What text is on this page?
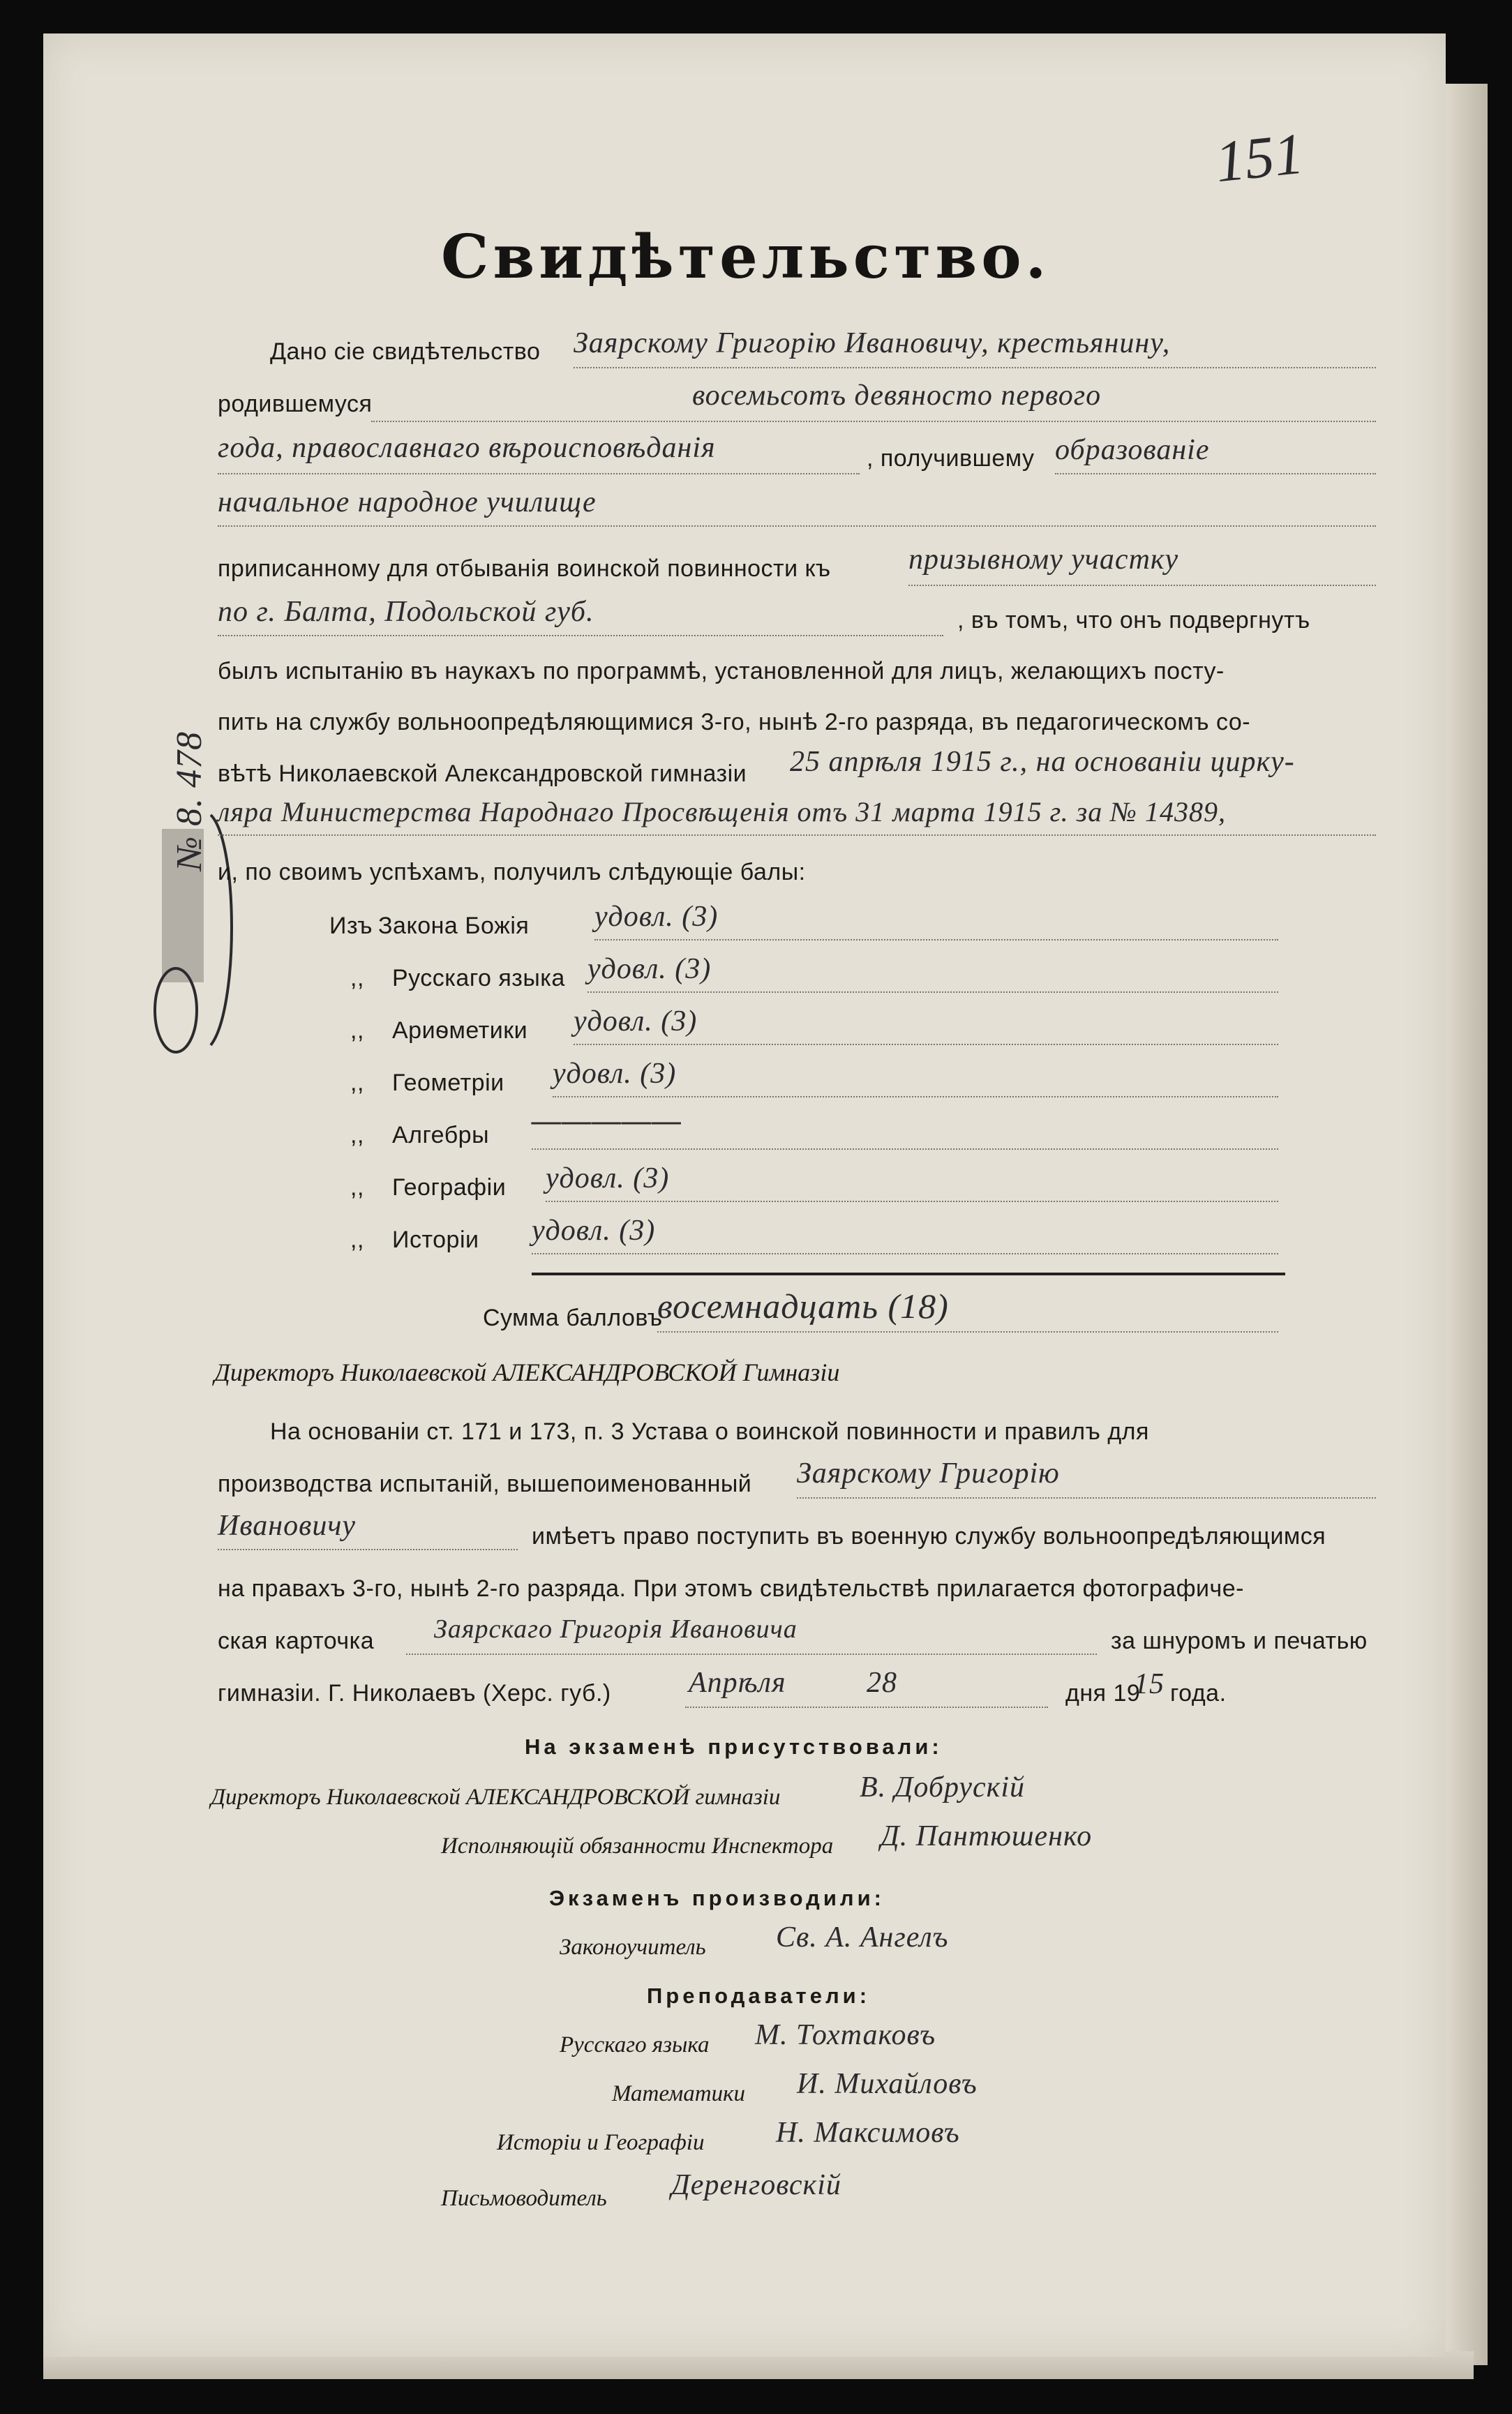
151
Свидѣтельство.
№ 8. 478
Дано сіе свидѣтельство Заярскому Григорію Ивановичу, крестьянину,
родившемуся	восемьсотъ девяносто первого
года, православнаго вѣроисповѣданія	, получившему образованіе
начальное народное училище
приписанному для отбыванія воинской повинности къ	призывному участку
по г. Балта, Подольской губ.	, въ томъ, что онъ подвергнутъ
былъ испытанію въ наукахъ по программѣ, установленной для лицъ, желающихъ посту-
пить на службу вольноопредѣляющимися 3-го, нынѣ 2-го разряда, въ педагогическомъ со-
вѣтѣ Николаевской Александровской гимназіи 25 апрѣля 1915 г., на основаніи цирку-
ляра Министерства Народнаго Просвѣщенія отъ 31 марта 1915 г. за № 14389,
и, по своимъ успѣхамъ, получилъ слѣдующіе балы:
Изъ Закона Божія удовл. (3)
,, Русскаго языка удовл. (3)
,, Ариѳметики удовл. (3)
,, Геометріи удовл. (3)
,, Алгебры —————
,, Географіи удовл. (3)
,, Исторіи удовл. (3)
Сумма балловъ
восемнадцать (18)
Директоръ Николаевской АЛЕКСАНДРОВСКОЙ Гимназіи
На основаніи ст. 171 и 173, п. 3 Устава о воинской повинности и правилъ для
производства испытаній, вышепоименованный Заярскому Григорію
Ивановичу	имѣетъ право поступить въ военную службу вольноопредѣляющимся
на правахъ 3-го, нынѣ 2-го разряда. При этомъ свидѣтельствѣ прилагается фотографиче-
ская карточка Заярскаго Григорія Ивановича	за шнуромъ и печатью
гимназіи. Г. Николаевъ (Херс. губ.)	Апрѣля	28	дня 19
15 года.
На экзаменѣ присутствовали:
Директоръ Николаевской АЛЕКСАНДРОВСКОЙ гимназіи	В. Добрускій
Исполняющій обязанности Инспектора Д. Пантюшенко
Экзаменъ производили:
Законоучитель Св. А. Ангелъ
Преподаватели:
Русскаго языка М. Тохтаковъ
Математики И. Михайловъ
Исторіи и Географіи Н. Максимовъ
Письмоводитель Деренговскій
